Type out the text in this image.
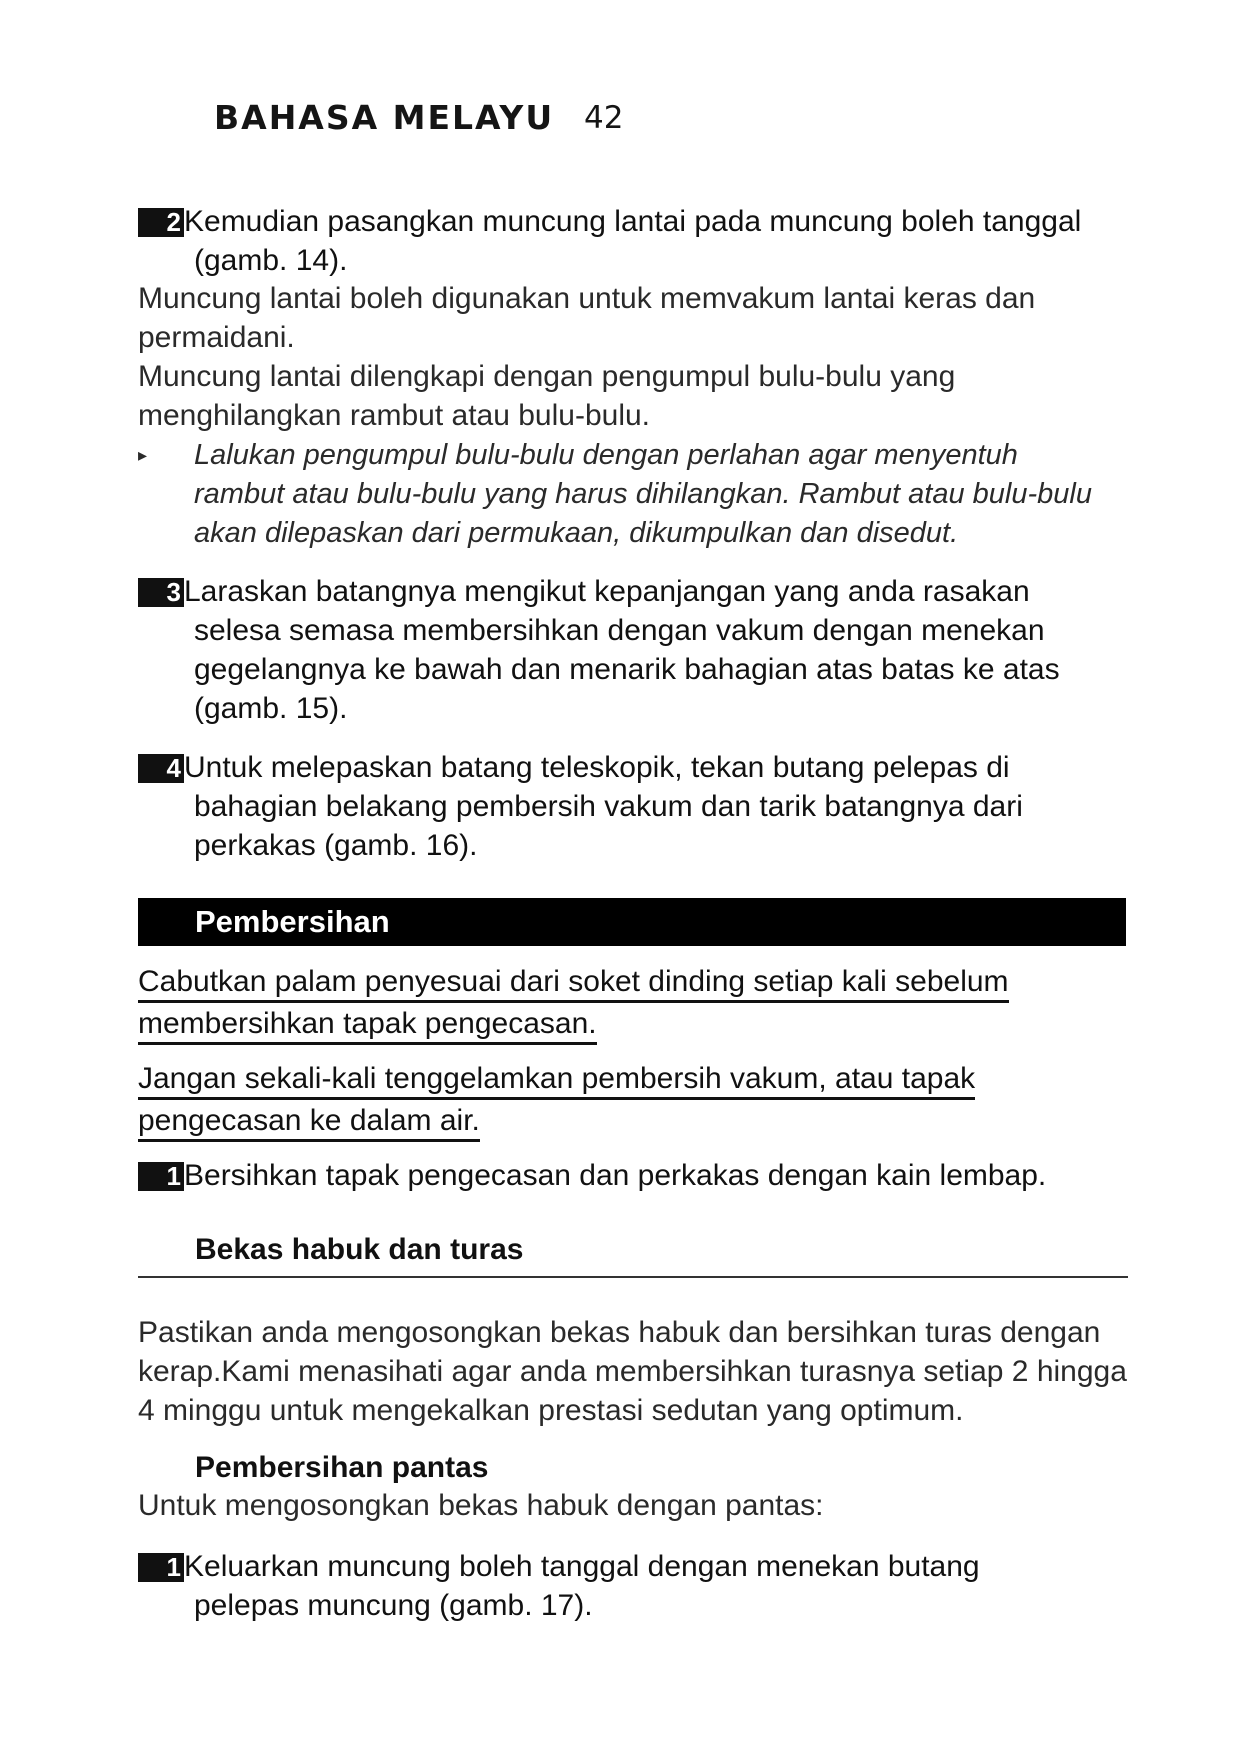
BAHASA MELAYU 42
2 Kemudian pasangkan muncung lantai pada muncung boleh tanggal
(gamb. 14).
Muncung lantai boleh digunakan untuk memvakum lantai keras dan
permaidani.
Muncung lantai dilengkapi dengan pengumpul bulu-bulu yang
menghilangkan rambut atau bulu-bulu.
▸ Lalukan pengumpul bulu-bulu dengan perlahan agar menyentuh
rambut atau bulu-bulu yang harus dihilangkan. Rambut atau bulu-bulu
akan dilepaskan dari permukaan, dikumpulkan dan disedut.
3 Laraskan batangnya mengikut kepanjangan yang anda rasakan
selesa semasa membersihkan dengan vakum dengan menekan
gegelangnya ke bawah dan menarik bahagian atas batas ke atas
(gamb. 15).
4 Untuk melepaskan batang teleskopik, tekan butang pelepas di
bahagian belakang pembersih vakum dan tarik batangnya dari
perkakas (gamb. 16).
Pembersihan
Cabutkan palam penyesuai dari soket dinding setiap kali sebelum
membersihkan tapak pengecasan.
Jangan sekali-kali tenggelamkan pembersih vakum, atau tapak
pengecasan ke dalam air.
1 Bersihkan tapak pengecasan dan perkakas dengan kain lembap.
Bekas habuk dan turas
Pastikan anda mengosongkan bekas habuk dan bersihkan turas dengan
kerap.Kami menasihati agar anda membersihkan turasnya setiap 2 hingga
4 minggu untuk mengekalkan prestasi sedutan yang optimum.
Pembersihan pantas
Untuk mengosongkan bekas habuk dengan pantas:
1 Keluarkan muncung boleh tanggal dengan menekan butang
pelepas muncung (gamb. 17).
